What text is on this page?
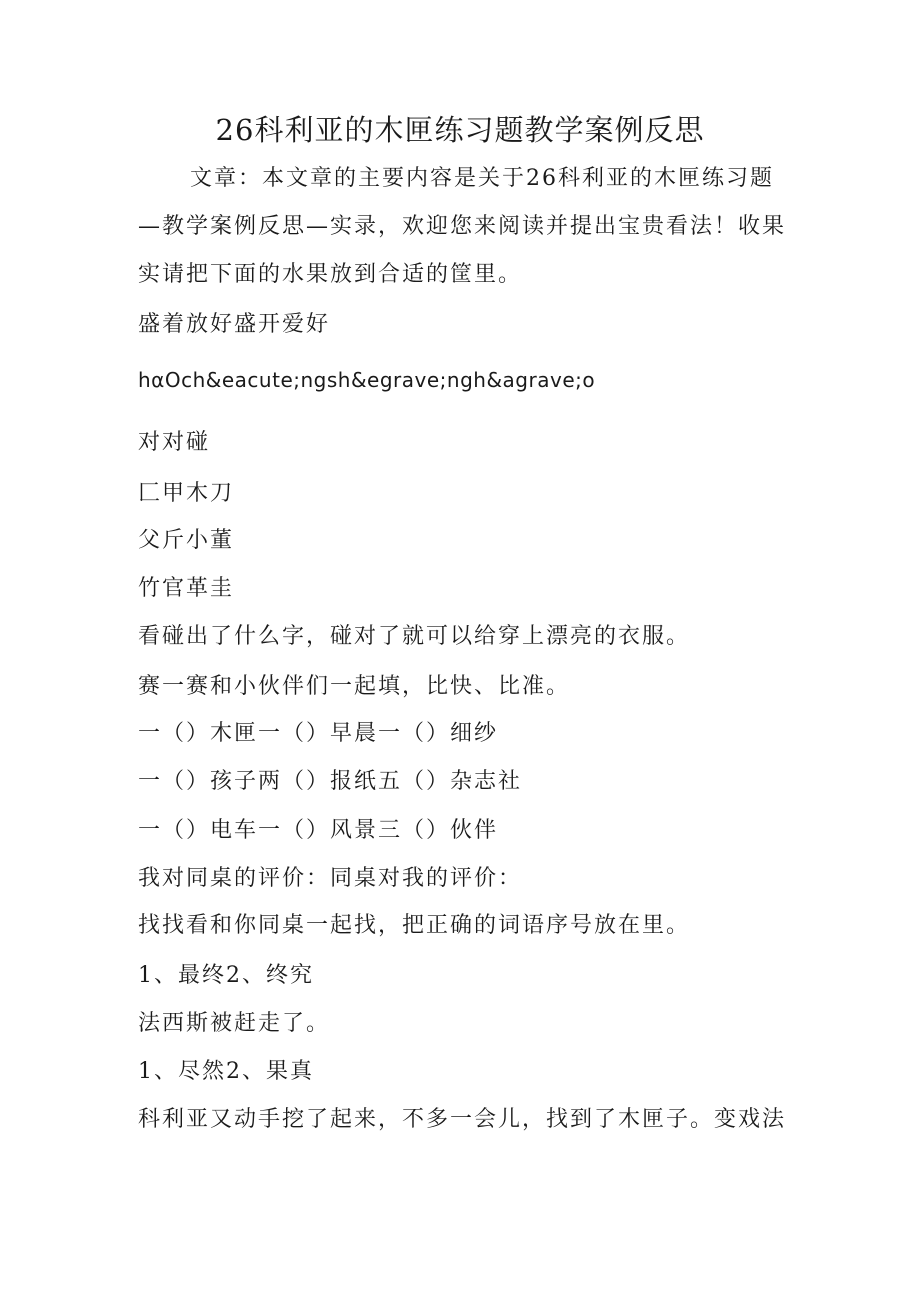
26科利亚的木匣练习题教学案例反思
文章：本文章的主要内容是关于26科利亚的木匣练习题
—教学案例反思—实录，欢迎您来阅读并提出宝贵看法！收果
实请把下面的水果放到合适的筐里。
盛着放好盛开爱好
hαOch&eacute;ngsh&egrave;ngh&agrave;o
对对碰
匚甲木刀
父斤小董
竹官革圭
看碰出了什么字，碰对了就可以给穿上漂亮的衣服。
赛一赛和小伙伴们一起填，比快、比准。
一（）木匣一（）早晨一（）细纱
一（）孩子两（）报纸五（）杂志社
一（）电车一（）风景三（）伙伴
我对同桌的评价：同桌对我的评价：
找找看和你同桌一起找，把正确的词语序号放在里。
1、最终2、终究
法西斯被赶走了。
1、尽然2、果真
科利亚又动手挖了起来，不多一会儿，找到了木匣子。变戏法
